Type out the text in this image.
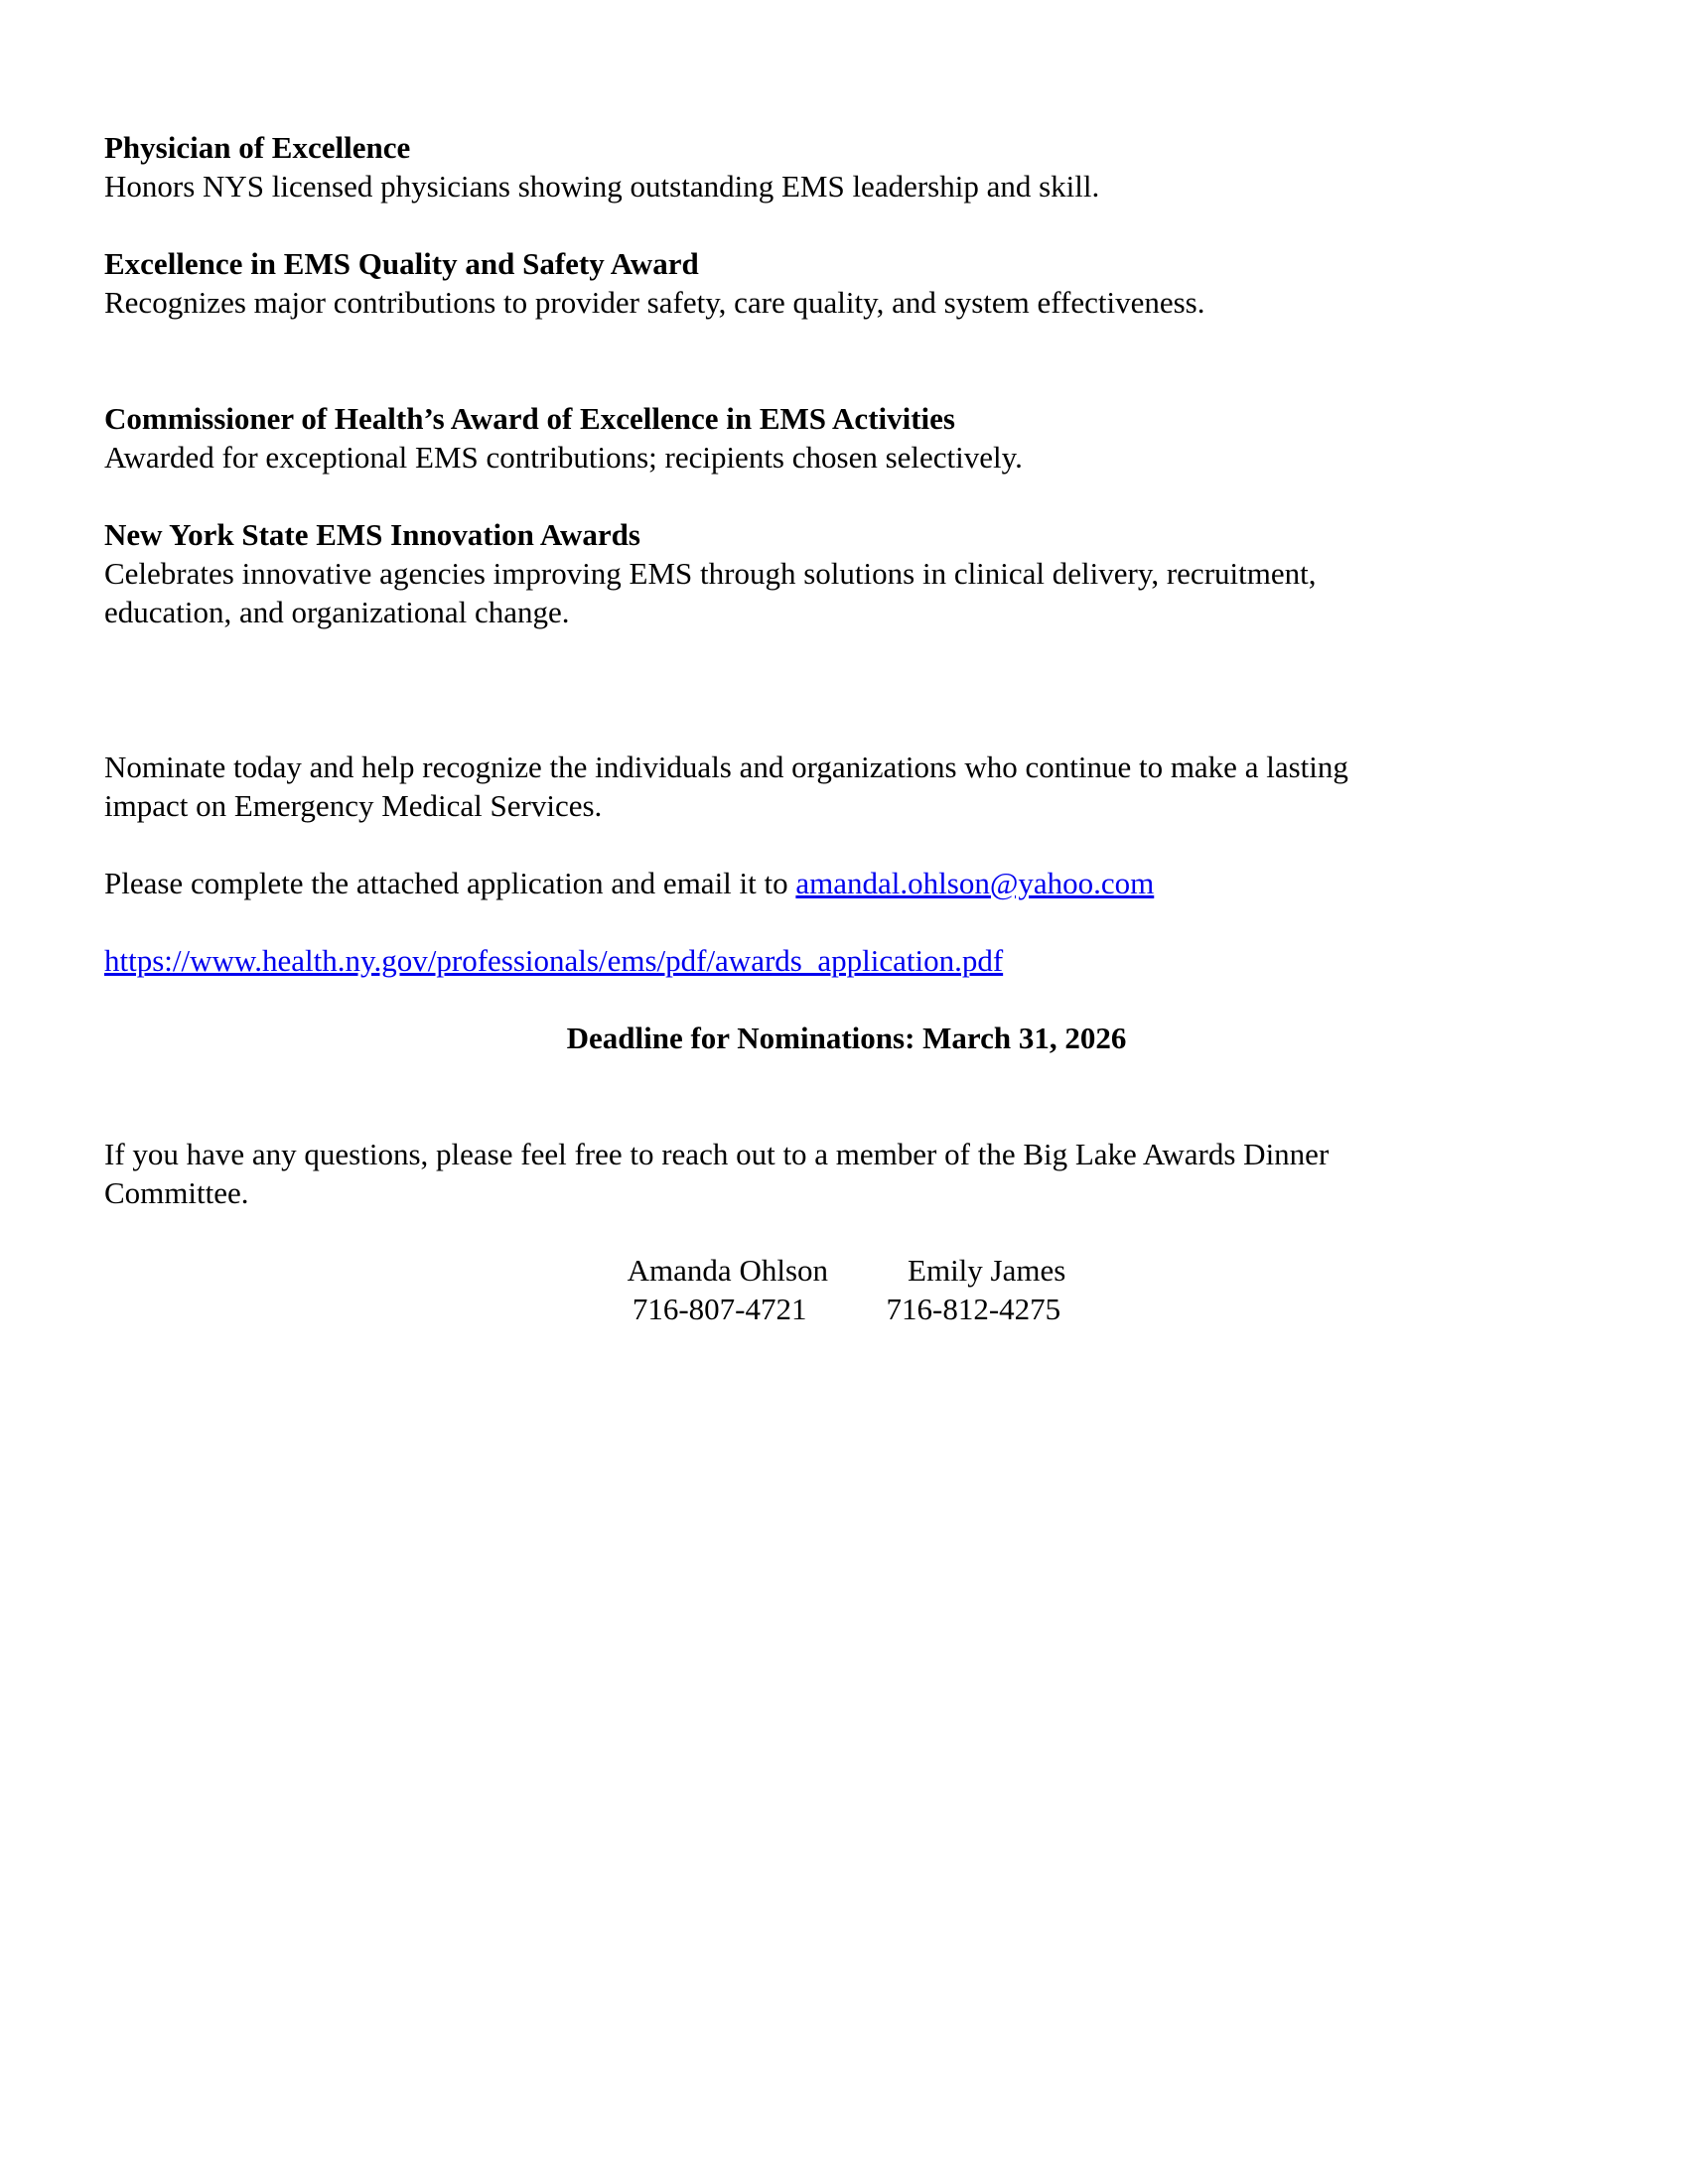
Physician of Excellence
Honors NYS licensed physicians showing outstanding EMS leadership and skill.
Excellence in EMS Quality and Safety Award
Recognizes major contributions to provider safety, care quality, and system effectiveness.
Commissioner of Health’s Award of Excellence in EMS Activities
Awarded for exceptional EMS contributions; recipients chosen selectively.
New York State EMS Innovation Awards
Celebrates innovative agencies improving EMS through solutions in clinical delivery, recruitment,
education, and organizational change.
Nominate today and help recognize the individuals and organizations who continue to make a lasting
impact on Emergency Medical Services.
Please complete the attached application and email it to amandal.ohlson@yahoo.com
https://www.health.ny.gov/professionals/ems/pdf/awards_application.pdf
Deadline for Nominations: March 31, 2026
If you have any questions, please feel free to reach out to a member of the Big Lake Awards Dinner
Committee.
Amanda Ohlson	Emily James
716-807-4721	716-812-4275
